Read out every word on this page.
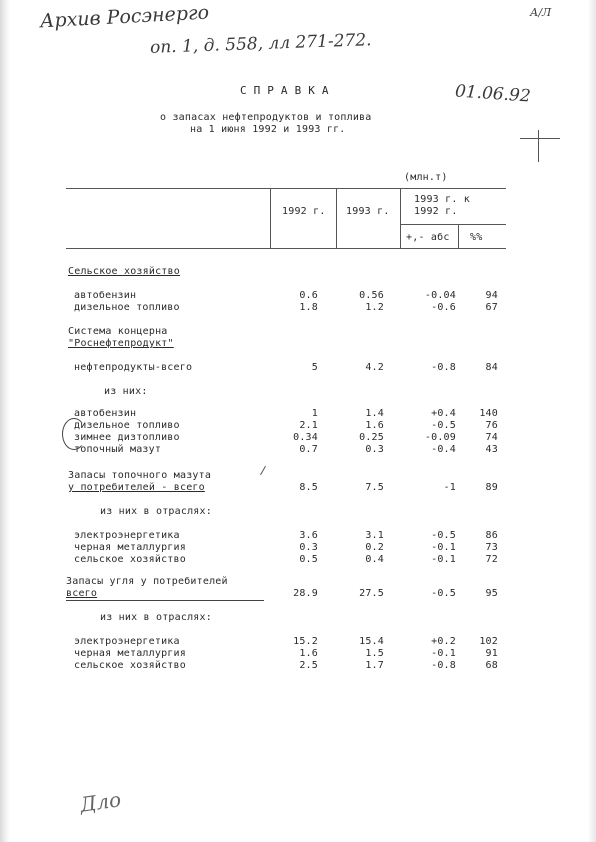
Архив Росэнерго
оп. 1, д. 558, лл 271-272.
А/Л
01.06.92
Дло
С П Р А В К А
о запасах нефтепродуктов и топлива
на 1 июня 1992 и 1993 гг.
(млн.т)
1992 г. 1993 г.
1993 г. к
1992 г.
+,- абс %%
Сельское хозяйство
автобензин	0.6	0.56	-0.04	94
дизельное топливо	1.8	1.2	-0.6	67
Система концерна
"Роснефтепродукт"
нефтепродукты-всего	5	4.2	-0.8	84
из них:
автобензин	1	1.4	+0.4	140
дизельное топливо	2.1	1.6	-0.5	76
зимнее дизтопливо	0.34	0.25	-0.09	74
топочный мазут	0.7	0.3	-0.4	43
Запасы топочного мазута
у потребителей - всего	8.5	7.5	-1	89
из них в отраслях:
электроэнергетика	3.6	3.1	-0.5	86
черная металлургия	0.3	0.2	-0.1	73
сельское хозяйство	0.5	0.4	-0.1	72
Запасы угля у потребителей
всего	28.9	27.5	-0.5	95
из них в отраслях:
электроэнергетика	15.2	15.4	+0.2	102
черная металлургия	1.6	1.5	-0.1	91
сельское хозяйство	2.5	1.7	-0.8	68
